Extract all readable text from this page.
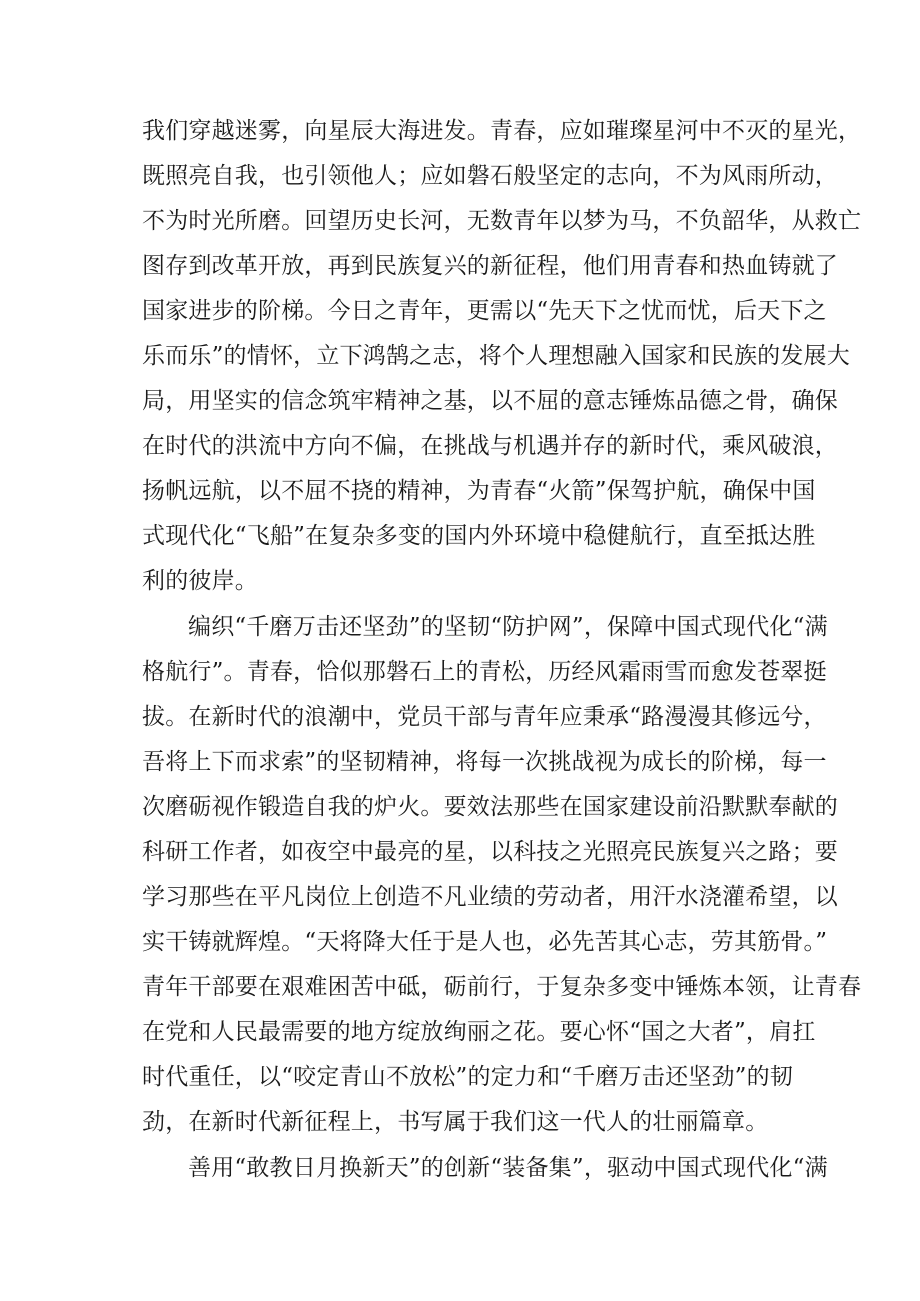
我们穿越迷雾，向星辰大海进发。青春，应如璀璨星河中不灭的星光，
既照亮自我，也引领他人；应如磐石般坚定的志向，不为风雨所动，
不为时光所磨。回望历史长河，无数青年以梦为马，不负韶华，从救亡
图存到改革开放，再到民族复兴的新征程，他们用青春和热血铸就了
国家进步的阶梯。今日之青年，更需以“先天下之忧而忧，后天下之
乐而乐”的情怀，立下鸿鹄之志，将个人理想融入国家和民族的发展大
局，用坚实的信念筑牢精神之基，以不屈的意志锤炼品德之骨，确保
在时代的洪流中方向不偏，在挑战与机遇并存的新时代，乘风破浪，
扬帆远航，以不屈不挠的精神，为青春“火箭”保驾护航，确保中国
式现代化“飞船”在复杂多变的国内外环境中稳健航行，直至抵达胜
利的彼岸。
编织“千磨万击还坚劲”的坚韧“防护网”，保障中国式现代化“满
格航行”。青春，恰似那磐石上的青松，历经风霜雨雪而愈发苍翠挺
拔。在新时代的浪潮中，党员干部与青年应秉承“路漫漫其修远兮，
吾将上下而求索”的坚韧精神，将每一次挑战视为成长的阶梯，每一
次磨砺视作锻造自我的炉火。要效法那些在国家建设前沿默默奉献的
科研工作者，如夜空中最亮的星，以科技之光照亮民族复兴之路；要
学习那些在平凡岗位上创造不凡业绩的劳动者，用汗水浇灌希望，以
实干铸就辉煌。“天将降大任于是人也，必先苦其心志，劳其筋骨。”
青年干部要在艰难困苦中砥，砺前行，于复杂多变中锤炼本领，让青春
在党和人民最需要的地方绽放绚丽之花。要心怀“国之大者”，肩扛
时代重任，以“咬定青山不放松”的定力和“千磨万击还坚劲”的韧
劲，在新时代新征程上，书写属于我们这一代人的壮丽篇章。
善用“敢教日月换新天”的创新“装备集”，驱动中国式现代化“满
